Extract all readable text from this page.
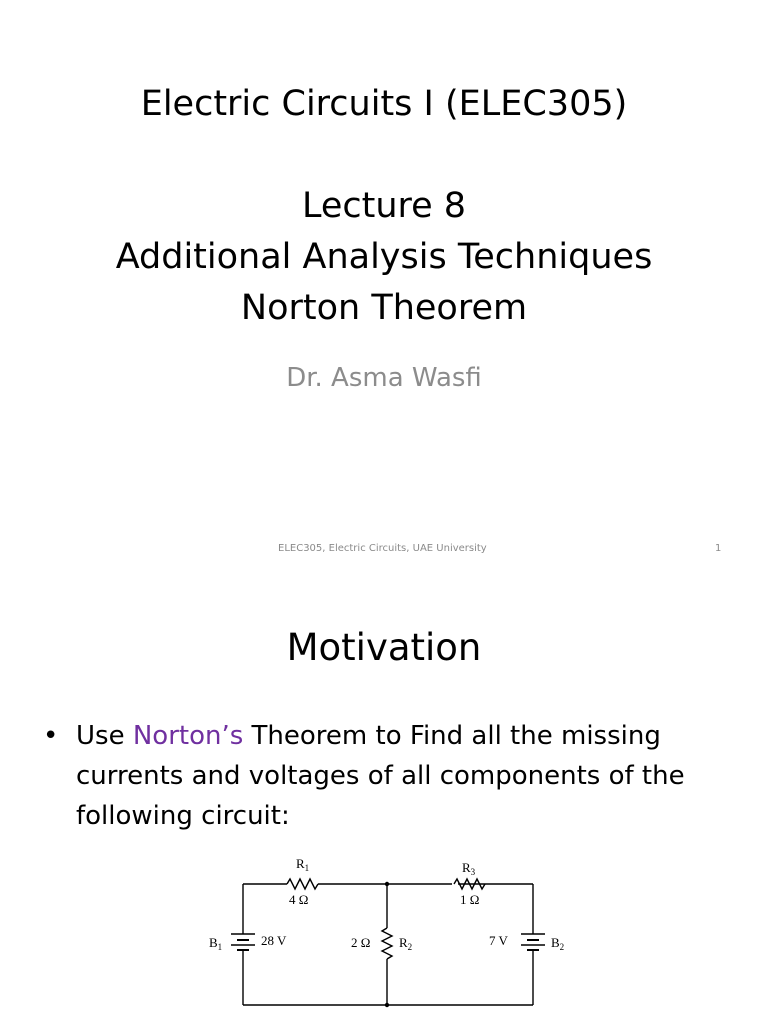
Electric Circuits I (ELEC305)
Lecture 8
Additional Analysis Techniques
Norton Theorem
Dr. Asma Wasfi
ELEC305, Electric Circuits, UAE University	1
Motivation
• Use Norton’s Theorem to Find all the missing
currents and voltages of all components of the
following circuit:
$R_1$
4 Ω
$R_3$
1 Ω
2 Ω $R_2$
$B_1$	28 V	7 V	$B_2$
